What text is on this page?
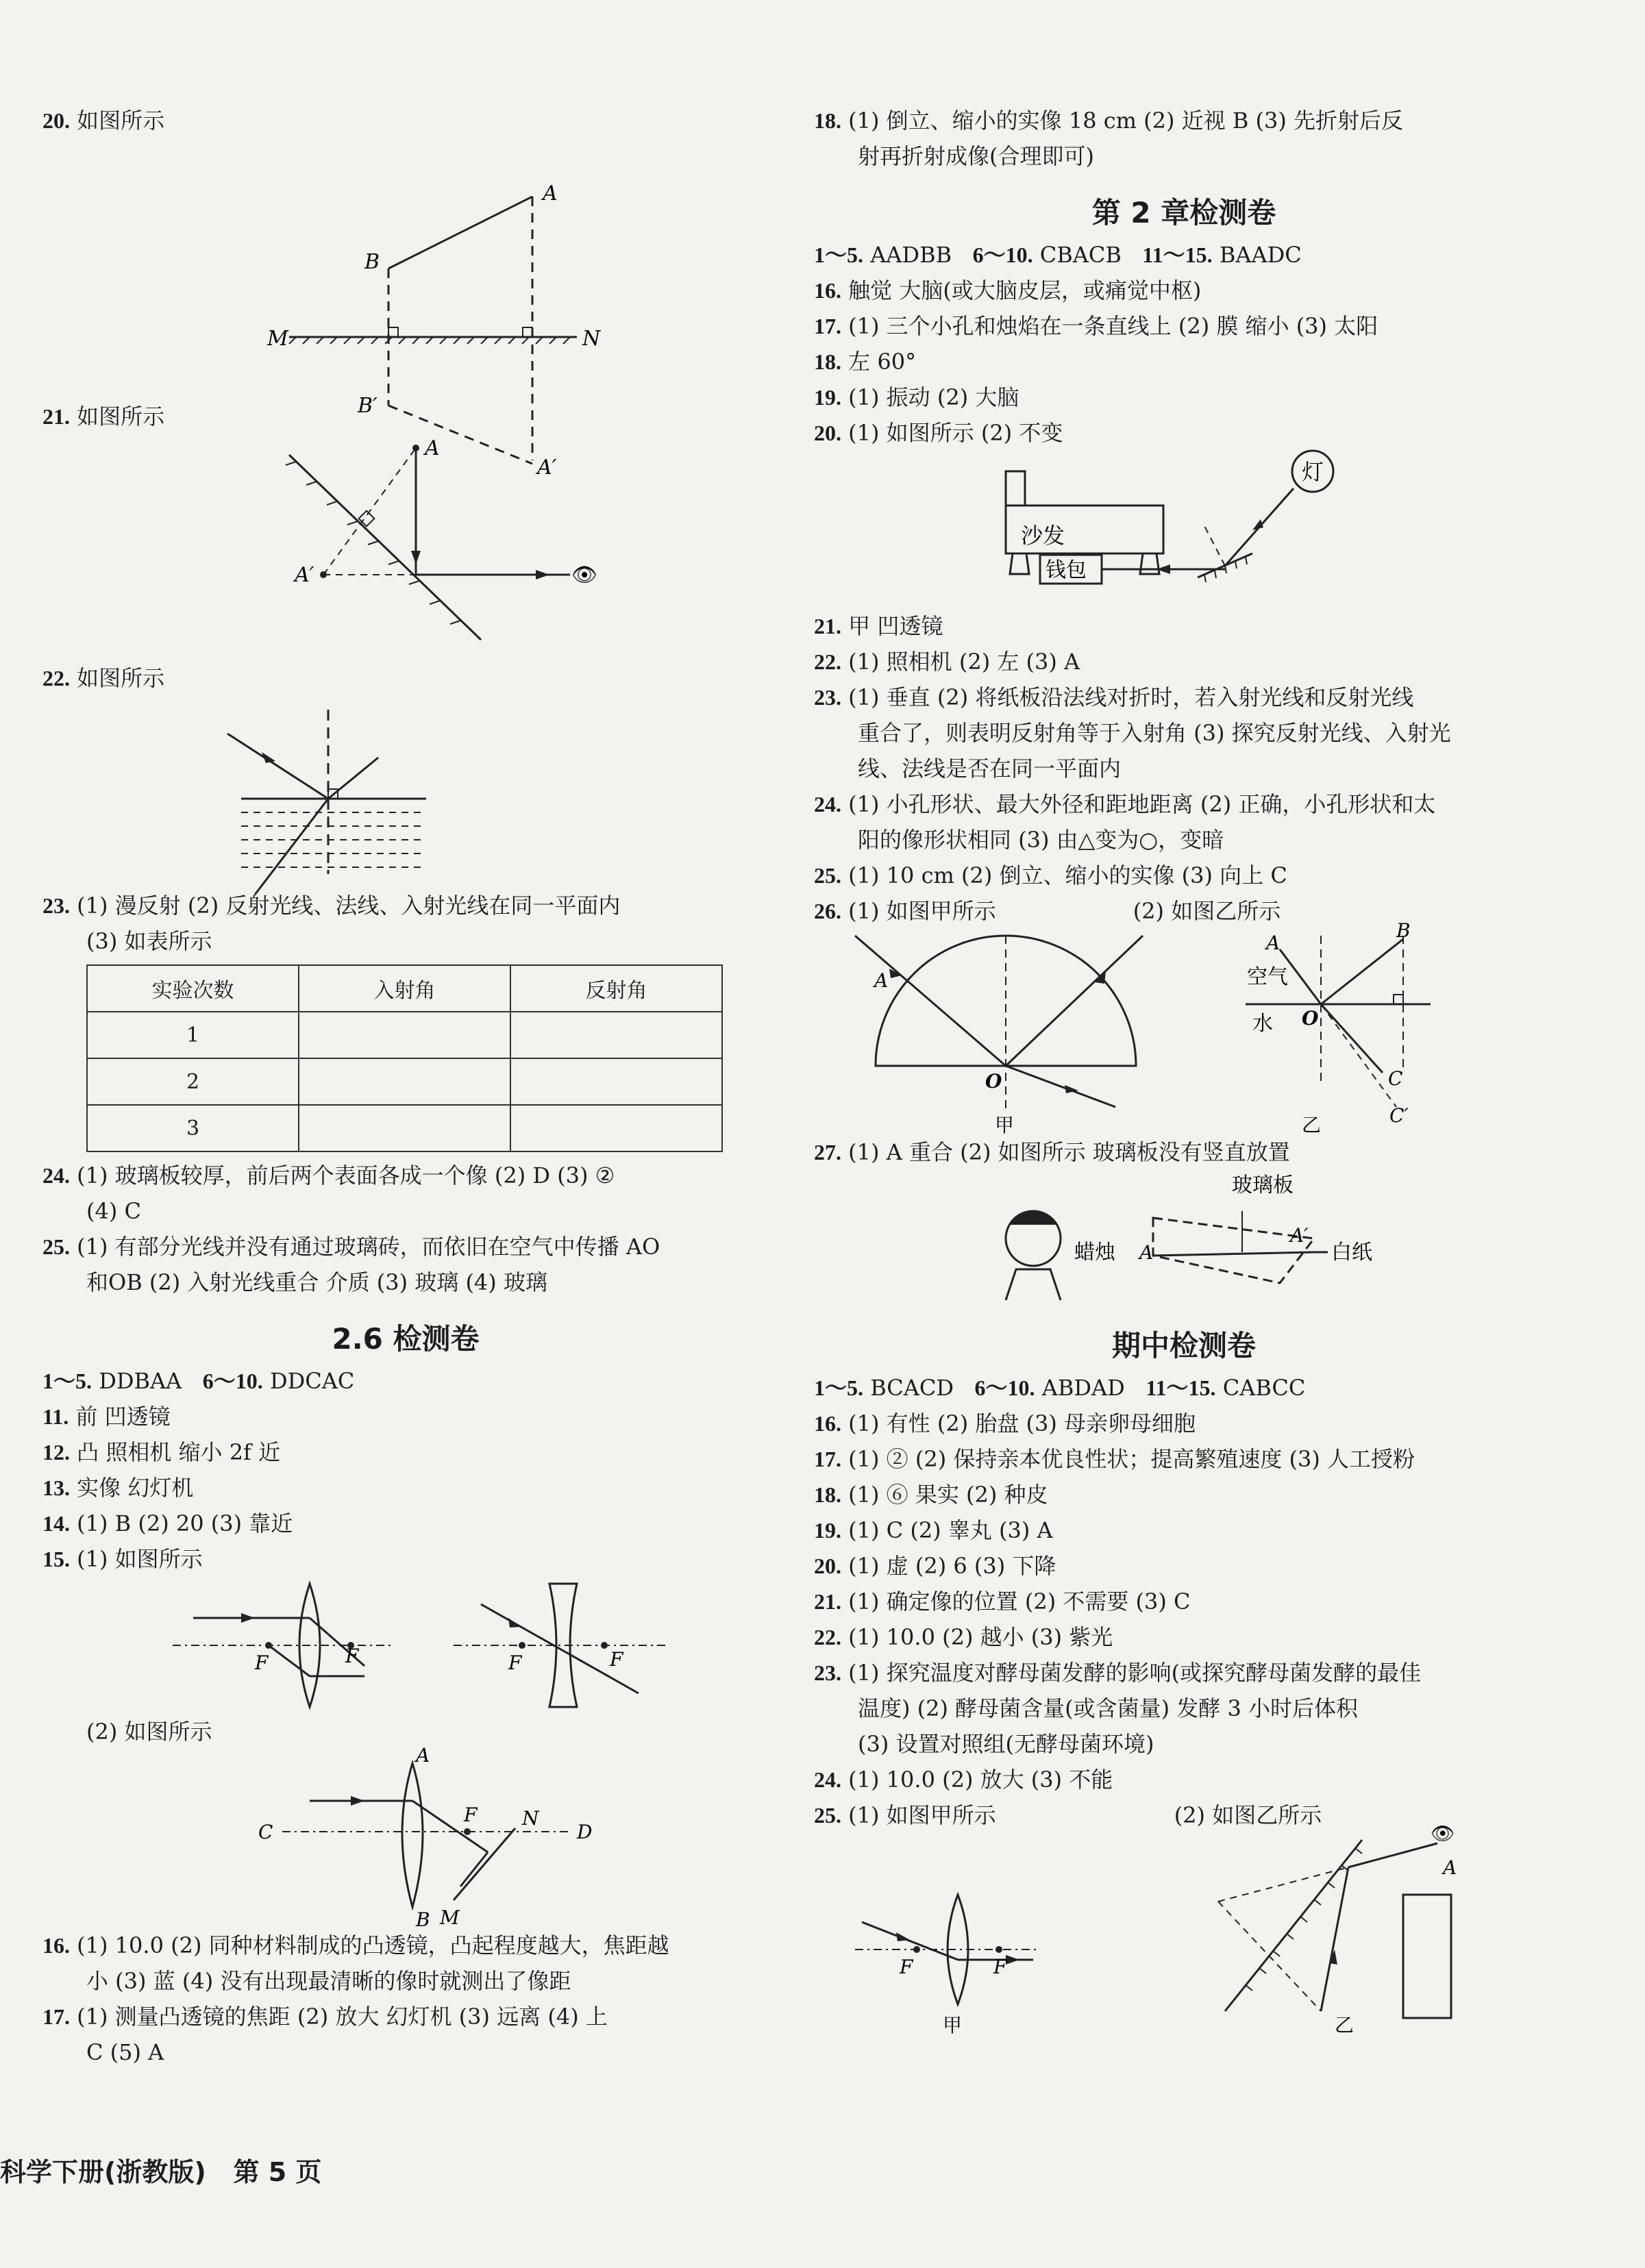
20. 如图所示

A
B
M	N
B′
A′

21. 如图所示

👁
A
A′

22. 如图所示

23. (1) 漫反射 (2) 反射光线、法线、入射光线在同一平面内

(3) 如表所示

实验次数	入射角	反射角
1		
2		
3		

24. (1) 玻璃板较厚，前后两个表面各成一个像 (2) D (3) ②

(4) C

25. (1) 有部分光线并没有通过玻璃砖，而依旧在空气中传播 AO

和OB (2) 入射光线重合 介质 (3) 玻璃 (4) 玻璃

2.6 检测卷

1～5. DDBAA 6～10. DDCAC

11. 前 凹透镜

12. 凸 照相机 缩小 2f 近

13. 实像 幻灯机

14. (1) B (2) 20 (3) 靠近

15. (1) 如图所示

F	F	F	F

(2) 如图所示

A
B
C	D
F N
M

16. (1) 10.0 (2) 同种材料制成的凸透镜，凸起程度越大，焦距越

小 (3) 蓝 (4) 没有出现最清晰的像时就测出了像距

17. (1) 测量凸透镜的焦距 (2) 放大 幻灯机 (3) 远离 (4) 上

C (5) A

18. (1) 倒立、缩小的实像 18 cm (2) 近视 B (3) 先折射后反

射再折射成像(合理即可)

第 2 章检测卷

1～5. AADBB 6～10. CBACB 11～15. BAADC

16. 触觉 大脑(或大脑皮层，或痛觉中枢)

17. (1) 三个小孔和烛焰在一条直线上 (2) 膜 缩小 (3) 太阳

18. 左 60°

19. (1) 振动 (2) 大脑

20. (1) 如图所示 (2) 不变

沙发
钱包
灯

21. 甲 凹透镜

22. (1) 照相机 (2) 左 (3) A

23. (1) 垂直 (2) 将纸板沿法线对折时，若入射光线和反射光线

重合了，则表明反射角等于入射角 (3) 探究反射光线、入射光

线、法线是否在同一平面内

24. (1) 小孔形状、最大外径和距地距离 (2) 正确，小孔形状和太

阳的像形状相同 (3) 由△变为○，变暗

25. (1) 10 cm (2) 倒立、缩小的实像 (3) 向上 C

26. (1) 如图甲所示	(2) 如图乙所示

A
O
甲
空气
水
A
B
O
C
C′
乙

27. (1) A 重合 (2) 如图所示 玻璃板没有竖直放置

玻璃板
蜡烛 A
A′
白纸
期中检测卷

1～5. BCACD 6～10. ABDAD 11～15. CABCC

16. (1) 有性 (2) 胎盘 (3) 母亲卵母细胞

17. (1) ② (2) 保持亲本优良性状；提高繁殖速度 (3) 人工授粉

18. (1) ⑥ 果实 (2) 种皮

19. (1) C (2) 睾丸 (3) A

20. (1) 虚 (2) 6 (3) 下降

21. (1) 确定像的位置 (2) 不需要 (3) C

22. (1) 10.0 (2) 越小 (3) 紫光

23. (1) 探究温度对酵母菌发酵的影响(或探究酵母菌发酵的最佳

温度) (2) 酵母菌含量(或含菌量) 发酵 3 小时后体积

(3) 设置对照组(无酵母菌环境)

24. (1) 10.0 (2) 放大 (3) 不能

25. (1) 如图甲所示	(2) 如图乙所示

F	F
甲
👁
A
乙
科学下册(浙教版) 第 5 页
